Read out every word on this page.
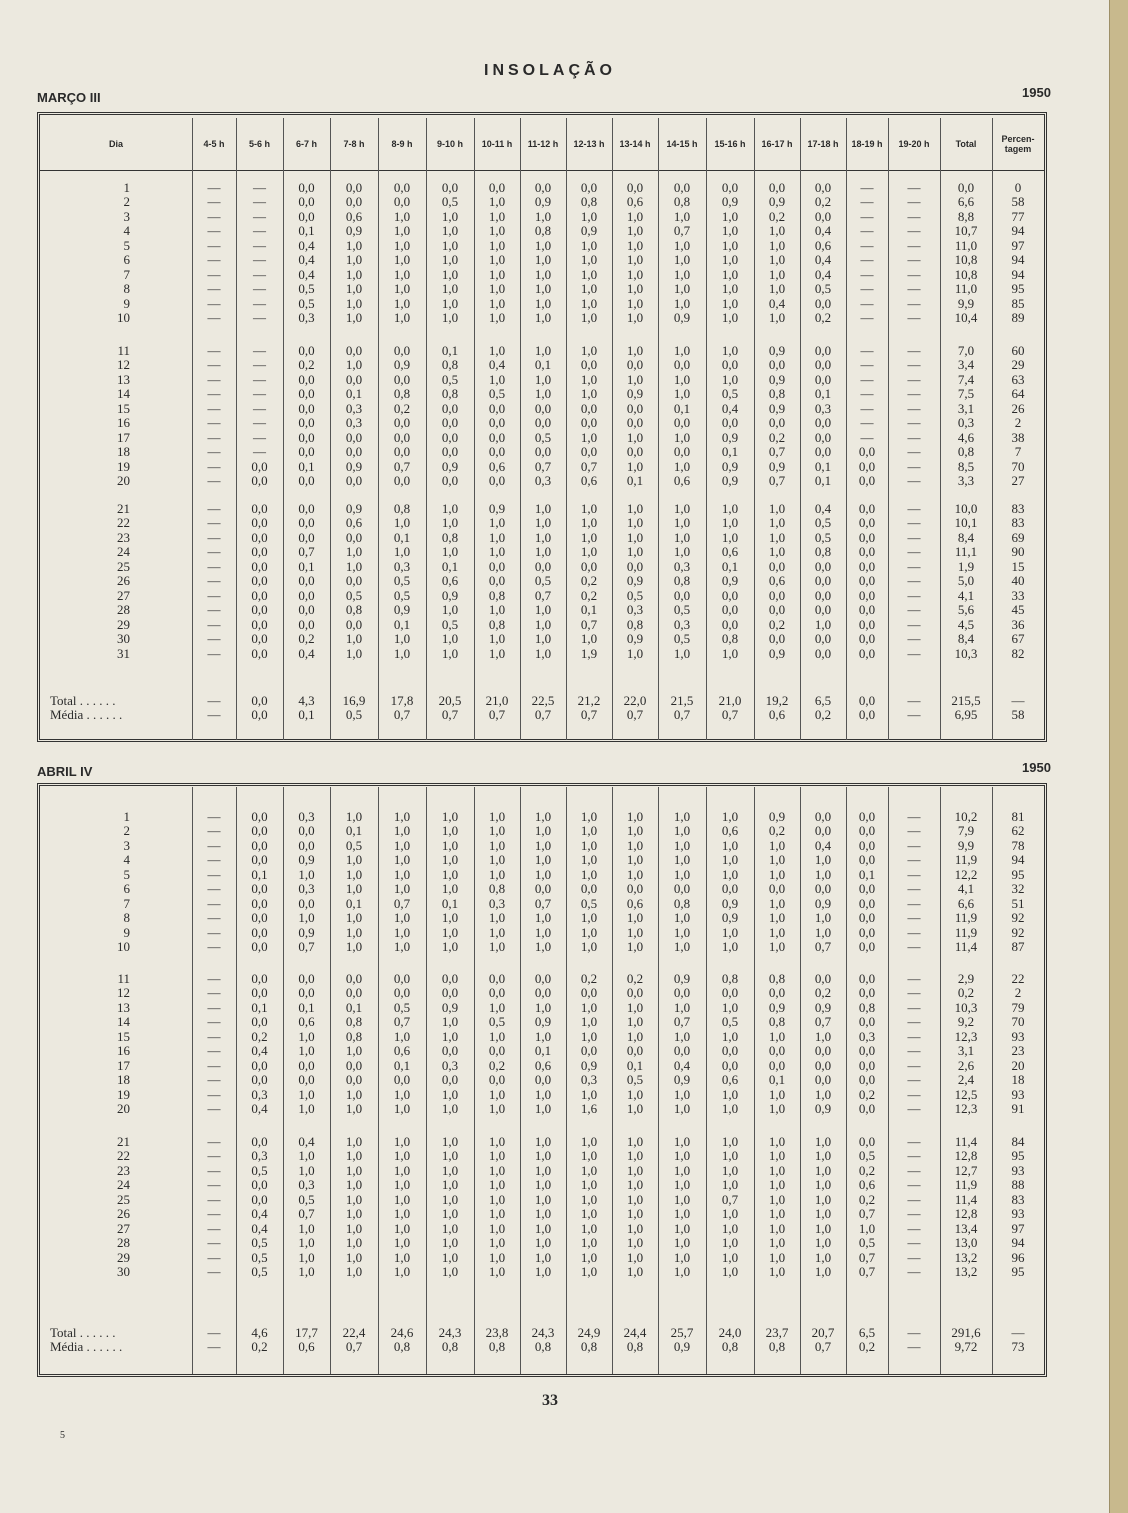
INSOLAÇÃO
MARÇO III	1950
ABRIL IV	1950
Dia	4-5 h	5-6 h	6-7 h	7-8 h	8-9 h	9-10 h	10-11 h	11-12 h	12-13 h	13-14 h	14-15 h	15-16 h	16-17 h	17-18 h	18-19 h	19-20 h	Total	Percen-tagem
1	—	—	0,0	0,0	0,0	0,0	0,0	0,0	0,0	0,0	0,0	0,0	0,0	0,0	—	—	0,0	0
2	—	—	0,0	0,0	0,0	0,5	1,0	0,9	0,8	0,6	0,8	0,9	0,9	0,2	—	—	6,6	58
3	—	—	0,0	0,6	1,0	1,0	1,0	1,0	1,0	1,0	1,0	1,0	0,2	0,0	—	—	8,8	77
4	—	—	0,1	0,9	1,0	1,0	1,0	0,8	0,9	1,0	0,7	1,0	1,0	0,4	—	—	10,7	94
5	—	—	0,4	1,0	1,0	1,0	1,0	1,0	1,0	1,0	1,0	1,0	1,0	0,6	—	—	11,0	97
6	—	—	0,4	1,0	1,0	1,0	1,0	1,0	1,0	1,0	1,0	1,0	1,0	0,4	—	—	10,8	94
7	—	—	0,4	1,0	1,0	1,0	1,0	1,0	1,0	1,0	1,0	1,0	1,0	0,4	—	—	10,8	94
8	—	—	0,5	1,0	1,0	1,0	1,0	1,0	1,0	1,0	1,0	1,0	1,0	0,5	—	—	11,0	95
9	—	—	0,5	1,0	1,0	1,0	1,0	1,0	1,0	1,0	1,0	1,0	0,4	0,0	—	—	9,9	85
10	—	—	0,3	1,0	1,0	1,0	1,0	1,0	1,0	1,0	0,9	1,0	1,0	0,2	—	—	10,4	89
11	—	—	0,0	0,0	0,0	0,1	1,0	1,0	1,0	1,0	1,0	1,0	0,9	0,0	—	—	7,0	60
12	—	—	0,2	1,0	0,9	0,8	0,4	0,1	0,0	0,0	0,0	0,0	0,0	0,0	—	—	3,4	29
13	—	—	0,0	0,0	0,0	0,5	1,0	1,0	1,0	1,0	1,0	1,0	0,9	0,0	—	—	7,4	63
14	—	—	0,0	0,1	0,8	0,8	0,5	1,0	1,0	0,9	1,0	0,5	0,8	0,1	—	—	7,5	64
15	—	—	0,0	0,3	0,2	0,0	0,0	0,0	0,0	0,0	0,1	0,4	0,9	0,3	—	—	3,1	26
16	—	—	0,0	0,3	0,0	0,0	0,0	0,0	0,0	0,0	0,0	0,0	0,0	0,0	—	—	0,3	2
17	—	—	0,0	0,0	0,0	0,0	0,0	0,5	1,0	1,0	1,0	0,9	0,2	0,0	—	—	4,6	38
18	—	—	0,0	0,0	0,0	0,0	0,0	0,0	0,0	0,0	0,0	0,1	0,7	0,0	0,0	—	0,8	7
19	—	0,0	0,1	0,9	0,7	0,9	0,6	0,7	0,7	1,0	1,0	0,9	0,9	0,1	0,0	—	8,5	70
20	—	0,0	0,0	0,0	0,0	0,0	0,0	0,3	0,6	0,1	0,6	0,9	0,7	0,1	0,0	—	3,3	27
21	—	0,0	0,0	0,9	0,8	1,0	0,9	1,0	1,0	1,0	1,0	1,0	1,0	0,4	0,0	—	10,0	83
22	—	0,0	0,0	0,6	1,0	1,0	1,0	1,0	1,0	1,0	1,0	1,0	1,0	0,5	0,0	—	10,1	83
23	—	0,0	0,0	0,0	0,1	0,8	1,0	1,0	1,0	1,0	1,0	1,0	1,0	0,5	0,0	—	8,4	69
24	—	0,0	0,7	1,0	1,0	1,0	1,0	1,0	1,0	1,0	1,0	0,6	1,0	0,8	0,0	—	11,1	90
25	—	0,0	0,1	1,0	0,3	0,1	0,0	0,0	0,0	0,0	0,3	0,1	0,0	0,0	0,0	—	1,9	15
26	—	0,0	0,0	0,0	0,5	0,6	0,0	0,5	0,2	0,9	0,8	0,9	0,6	0,0	0,0	—	5,0	40
27	—	0,0	0,0	0,5	0,5	0,9	0,8	0,7	0,2	0,5	0,0	0,0	0,0	0,0	0,0	—	4,1	33
28	—	0,0	0,0	0,8	0,9	1,0	1,0	1,0	0,1	0,3	0,5	0,0	0,0	0,0	0,0	—	5,6	45
29	—	0,0	0,0	0,0	0,1	0,5	0,8	1,0	0,7	0,8	0,3	0,0	0,2	1,0	0,0	—	4,5	36
30	—	0,0	0,2	1,0	1,0	1,0	1,0	1,0	1,0	0,9	0,5	0,8	0,0	0,0	0,0	—	8,4	67
31	—	0,0	0,4	1,0	1,0	1,0	1,0	1,0	1,9	1,0	1,0	1,0	0,9	0,0	0,0	—	10,3	82
Total . . . . . .	—	0,0	4,3	16,9	17,8	20,5	21,0	22,5	21,2	22,0	21,5	21,0	19,2	6,5	0,0	—	215,5	—
Média . . . . . .	—	0,0	0,1	0,5	0,7	0,7	0,7	0,7	0,7	0,7	0,7	0,7	0,6	0,2	0,0	—	6,95	58
1	—	0,0	0,3	1,0	1,0	1,0	1,0	1,0	1,0	1,0	1,0	1,0	0,9	0,0	0,0	—	10,2	81
2	—	0,0	0,0	0,1	1,0	1,0	1,0	1,0	1,0	1,0	1,0	0,6	0,2	0,0	0,0	—	7,9	62
3	—	0,0	0,0	0,5	1,0	1,0	1,0	1,0	1,0	1,0	1,0	1,0	1,0	0,4	0,0	—	9,9	78
4	—	0,0	0,9	1,0	1,0	1,0	1,0	1,0	1,0	1,0	1,0	1,0	1,0	1,0	0,0	—	11,9	94
5	—	0,1	1,0	1,0	1,0	1,0	1,0	1,0	1,0	1,0	1,0	1,0	1,0	1,0	0,1	—	12,2	95
6	—	0,0	0,3	1,0	1,0	1,0	0,8	0,0	0,0	0,0	0,0	0,0	0,0	0,0	0,0	—	4,1	32
7	—	0,0	0,0	0,1	0,7	0,1	0,3	0,7	0,5	0,6	0,8	0,9	1,0	0,9	0,0	—	6,6	51
8	—	0,0	1,0	1,0	1,0	1,0	1,0	1,0	1,0	1,0	1,0	0,9	1,0	1,0	0,0	—	11,9	92
9	—	0,0	0,9	1,0	1,0	1,0	1,0	1,0	1,0	1,0	1,0	1,0	1,0	1,0	0,0	—	11,9	92
10	—	0,0	0,7	1,0	1,0	1,0	1,0	1,0	1,0	1,0	1,0	1,0	1,0	0,7	0,0	—	11,4	87
11	—	0,0	0,0	0,0	0,0	0,0	0,0	0,0	0,2	0,2	0,9	0,8	0,8	0,0	0,0	—	2,9	22
12	—	0,0	0,0	0,0	0,0	0,0	0,0	0,0	0,0	0,0	0,0	0,0	0,0	0,2	0,0	—	0,2	2
13	—	0,1	0,1	0,1	0,5	0,9	1,0	1,0	1,0	1,0	1,0	1,0	0,9	0,9	0,8	—	10,3	79
14	—	0,0	0,6	0,8	0,7	1,0	0,5	0,9	1,0	1,0	0,7	0,5	0,8	0,7	0,0	—	9,2	70
15	—	0,2	1,0	0,8	1,0	1,0	1,0	1,0	1,0	1,0	1,0	1,0	1,0	1,0	0,3	—	12,3	93
16	—	0,4	1,0	1,0	0,6	0,0	0,0	0,1	0,0	0,0	0,0	0,0	0,0	0,0	0,0	—	3,1	23
17	—	0,0	0,0	0,0	0,1	0,3	0,2	0,6	0,9	0,1	0,4	0,0	0,0	0,0	0,0	—	2,6	20
18	—	0,0	0,0	0,0	0,0	0,0	0,0	0,0	0,3	0,5	0,9	0,6	0,1	0,0	0,0	—	2,4	18
19	—	0,3	1,0	1,0	1,0	1,0	1,0	1,0	1,0	1,0	1,0	1,0	1,0	1,0	0,2	—	12,5	93
20	—	0,4	1,0	1,0	1,0	1,0	1,0	1,0	1,6	1,0	1,0	1,0	1,0	0,9	0,0	—	12,3	91
21	—	0,0	0,4	1,0	1,0	1,0	1,0	1,0	1,0	1,0	1,0	1,0	1,0	1,0	0,0	—	11,4	84
22	—	0,3	1,0	1,0	1,0	1,0	1,0	1,0	1,0	1,0	1,0	1,0	1,0	1,0	0,5	—	12,8	95
23	—	0,5	1,0	1,0	1,0	1,0	1,0	1,0	1,0	1,0	1,0	1,0	1,0	1,0	0,2	—	12,7	93
24	—	0,0	0,3	1,0	1,0	1,0	1,0	1,0	1,0	1,0	1,0	1,0	1,0	1,0	0,6	—	11,9	88
25	—	0,0	0,5	1,0	1,0	1,0	1,0	1,0	1,0	1,0	1,0	0,7	1,0	1,0	0,2	—	11,4	83
26	—	0,4	0,7	1,0	1,0	1,0	1,0	1,0	1,0	1,0	1,0	1,0	1,0	1,0	0,7	—	12,8	93
27	—	0,4	1,0	1,0	1,0	1,0	1,0	1,0	1,0	1,0	1,0	1,0	1,0	1,0	1,0	—	13,4	97
28	—	0,5	1,0	1,0	1,0	1,0	1,0	1,0	1,0	1,0	1,0	1,0	1,0	1,0	0,5	—	13,0	94
29	—	0,5	1,0	1,0	1,0	1,0	1,0	1,0	1,0	1,0	1,0	1,0	1,0	1,0	0,7	—	13,2	96
30	—	0,5	1,0	1,0	1,0	1,0	1,0	1,0	1,0	1,0	1,0	1,0	1,0	1,0	0,7	—	13,2	95
Total . . . . . .	—	4,6	17,7	22,4	24,6	24,3	23,8	24,3	24,9	24,4	25,7	24,0	23,7	20,7	6,5	—	291,6	—
Média . . . . . .	—	0,2	0,6	0,7	0,8	0,8	0,8	0,8	0,8	0,8	0,9	0,8	0,8	0,7	0,2	—	9,72	73
33
5
